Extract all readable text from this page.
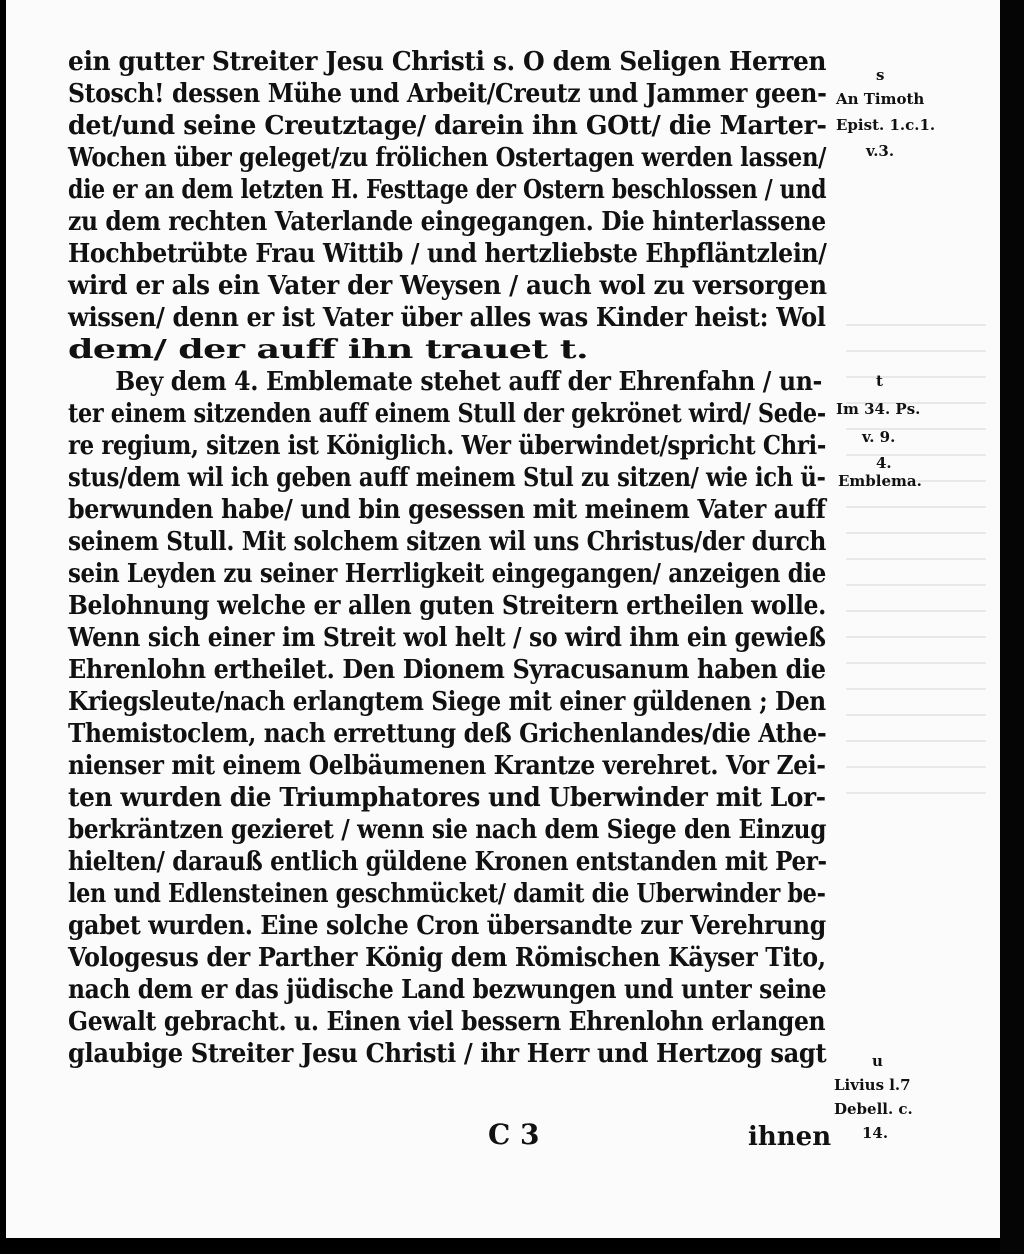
ein gutter Streiter Jesu Christi s. O dem Seligen Herren
Stosch! dessen Mühe und Arbeit/Creutz und Jammer geen-
det/und seine Creutztage/ darein ihn GOtt/ die Marter-
Wochen über geleget/zu frölichen Ostertagen werden lassen/
die er an dem letzten H. Festtage der Ostern beschlossen / und
zu dem rechten Vaterlande eingegangen. Die hinterlassene
Hochbetrübte Frau Wittib / und hertzliebste Ehpfläntzlein/
wird er als ein Vater der Weysen / auch wol zu versorgen
wissen/ denn er ist Vater über alles was Kinder heist: Wol
dem/ der auff ihn trauet t.
Bey dem 4. Emblemate stehet auff der Ehrenfahn / un-
ter einem sitzenden auff einem Stull der gekrönet wird/ Sede-
re regium, sitzen ist Königlich. Wer überwindet/spricht Chri-
stus/dem wil ich geben auff meinem Stul zu sitzen/ wie ich ü-
berwunden habe/ und bin gesessen mit meinem Vater auff
seinem Stull. Mit solchem sitzen wil uns Christus/der durch
sein Leyden zu seiner Herrligkeit eingegangen/ anzeigen die
Belohnung welche er allen guten Streitern ertheilen wolle.
Wenn sich einer im Streit wol helt / so wird ihm ein gewieß
Ehrenlohn ertheilet. Den Dionem Syracusanum haben die
Kriegsleute/nach erlangtem Siege mit einer güldenen ; Den
Themistoclem, nach errettung deß Grichenlandes/die Athe-
nienser mit einem Oelbäumenen Krantze verehret. Vor Zei-
ten wurden die Triumphatores und Uberwinder mit Lor-
berkräntzen gezieret / wenn sie nach dem Siege den Einzug
hielten/ darauß entlich güldene Kronen entstanden mit Per-
len und Edlensteinen geschmücket/ damit die Uberwinder be-
gabet wurden. Eine solche Cron übersandte zur Verehrung
Vologesus der Parther König dem Römischen Käyser Tito,
nach dem er das jüdische Land bezwungen und unter seine
Gewalt gebracht. u. Einen viel bessern Ehrenlohn erlangen
glaubige Streiter Jesu Christi / ihr Herr und Hertzog sagt
s
An Timoth
Epist. 1.c.1.
v.3.
t
Im 34. Ps.
v. 9.
4.
Emblema.
u
Livius l.7
Debell. c.
14.
C 3	ihnen
